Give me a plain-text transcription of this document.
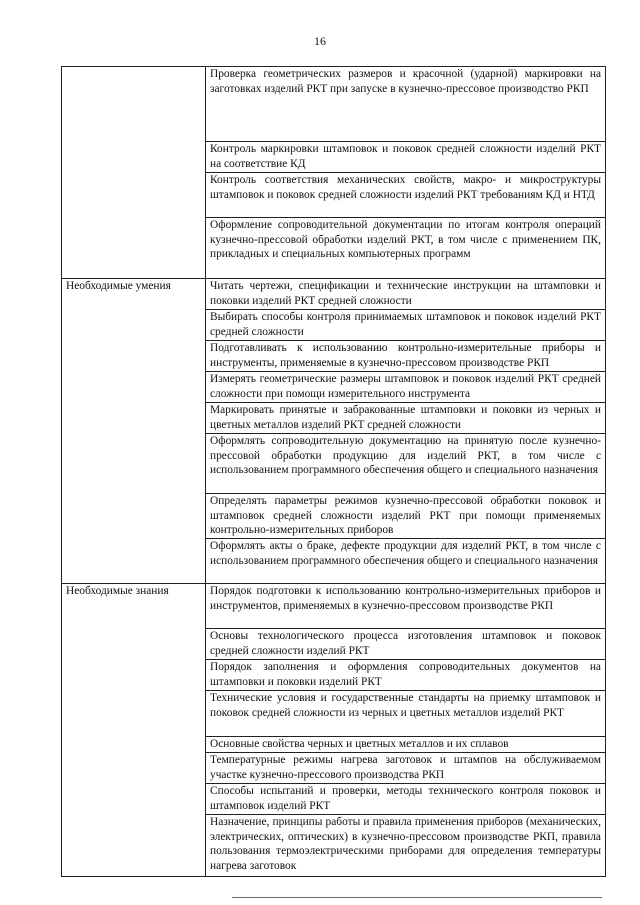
16
	Проверка геометрических размеров и красочной (ударной) маркировки на заготовках изделий РКТ при запуске в кузнечно-прессовое производство РКП
	Контроль маркировки штамповок и поковок средней сложности изделий РКТ на соответствие КД
	Контроль соответствия механических свойств, макро- и микроструктуры штамповок и поковок средней сложности изделий РКТ требованиям КД и НТД
	Оформление сопроводительной документации по итогам контроля операций кузнечно-прессовой обработки изделий РКТ, в том числе с применением ПК, прикладных и специальных компьютерных программ
Необходимые умения	Читать чертежи, спецификации и технические инструкции на штамповки и поковки изделий РКТ средней сложности
	Выбирать способы контроля принимаемых штамповок и поковок изделий РКТ средней сложности
	Подготавливать к использованию контрольно-измерительные приборы и инструменты, применяемые в кузнечно-прессовом производстве РКП
	Измерять геометрические размеры штамповок и поковок изделий РКТ средней сложности при помощи измерительного инструмента
	Маркировать принятые и забракованные штамповки и поковки из черных и цветных металлов изделий РКТ средней сложности
	Оформлять сопроводительную документацию на принятую после кузнечно-прессовой обработки продукцию для изделий РКТ, в том числе с использованием программного обеспечения общего и специального назначения
	Определять параметры режимов кузнечно-прессовой обработки поковок и штамповок средней сложности изделий РКТ при помощи применяемых контрольно-измерительных приборов
	Оформлять акты о браке, дефекте продукции для изделий РКТ, в том числе с использованием программного обеспечения общего и специального назначения
Необходимые знания	Порядок подготовки к использованию контрольно-измерительных приборов и инструментов, применяемых в кузнечно-прессовом производстве РКП
	Основы технологического процесса изготовления штамповок и поковок средней сложности изделий РКТ
	Порядок заполнения и оформления сопроводительных документов на штамповки и поковки изделий РКТ
	Технические условия и государственные стандарты на приемку штамповок и поковок средней сложности из черных и цветных металлов изделий РКТ
	Основные свойства черных и цветных металлов и их сплавов
	Температурные режимы нагрева заготовок и штампов на обслуживаемом участке кузнечно-прессового производства РКП
	Способы испытаний и проверки, методы технического контроля поковок и штамповок изделий РКТ
	Назначение, принципы работы и правила применения приборов (механических, электрических, оптических) в кузнечно-прессовом производстве РКП, правила пользования термоэлектрическими приборами для определения температуры нагрева заготовок
